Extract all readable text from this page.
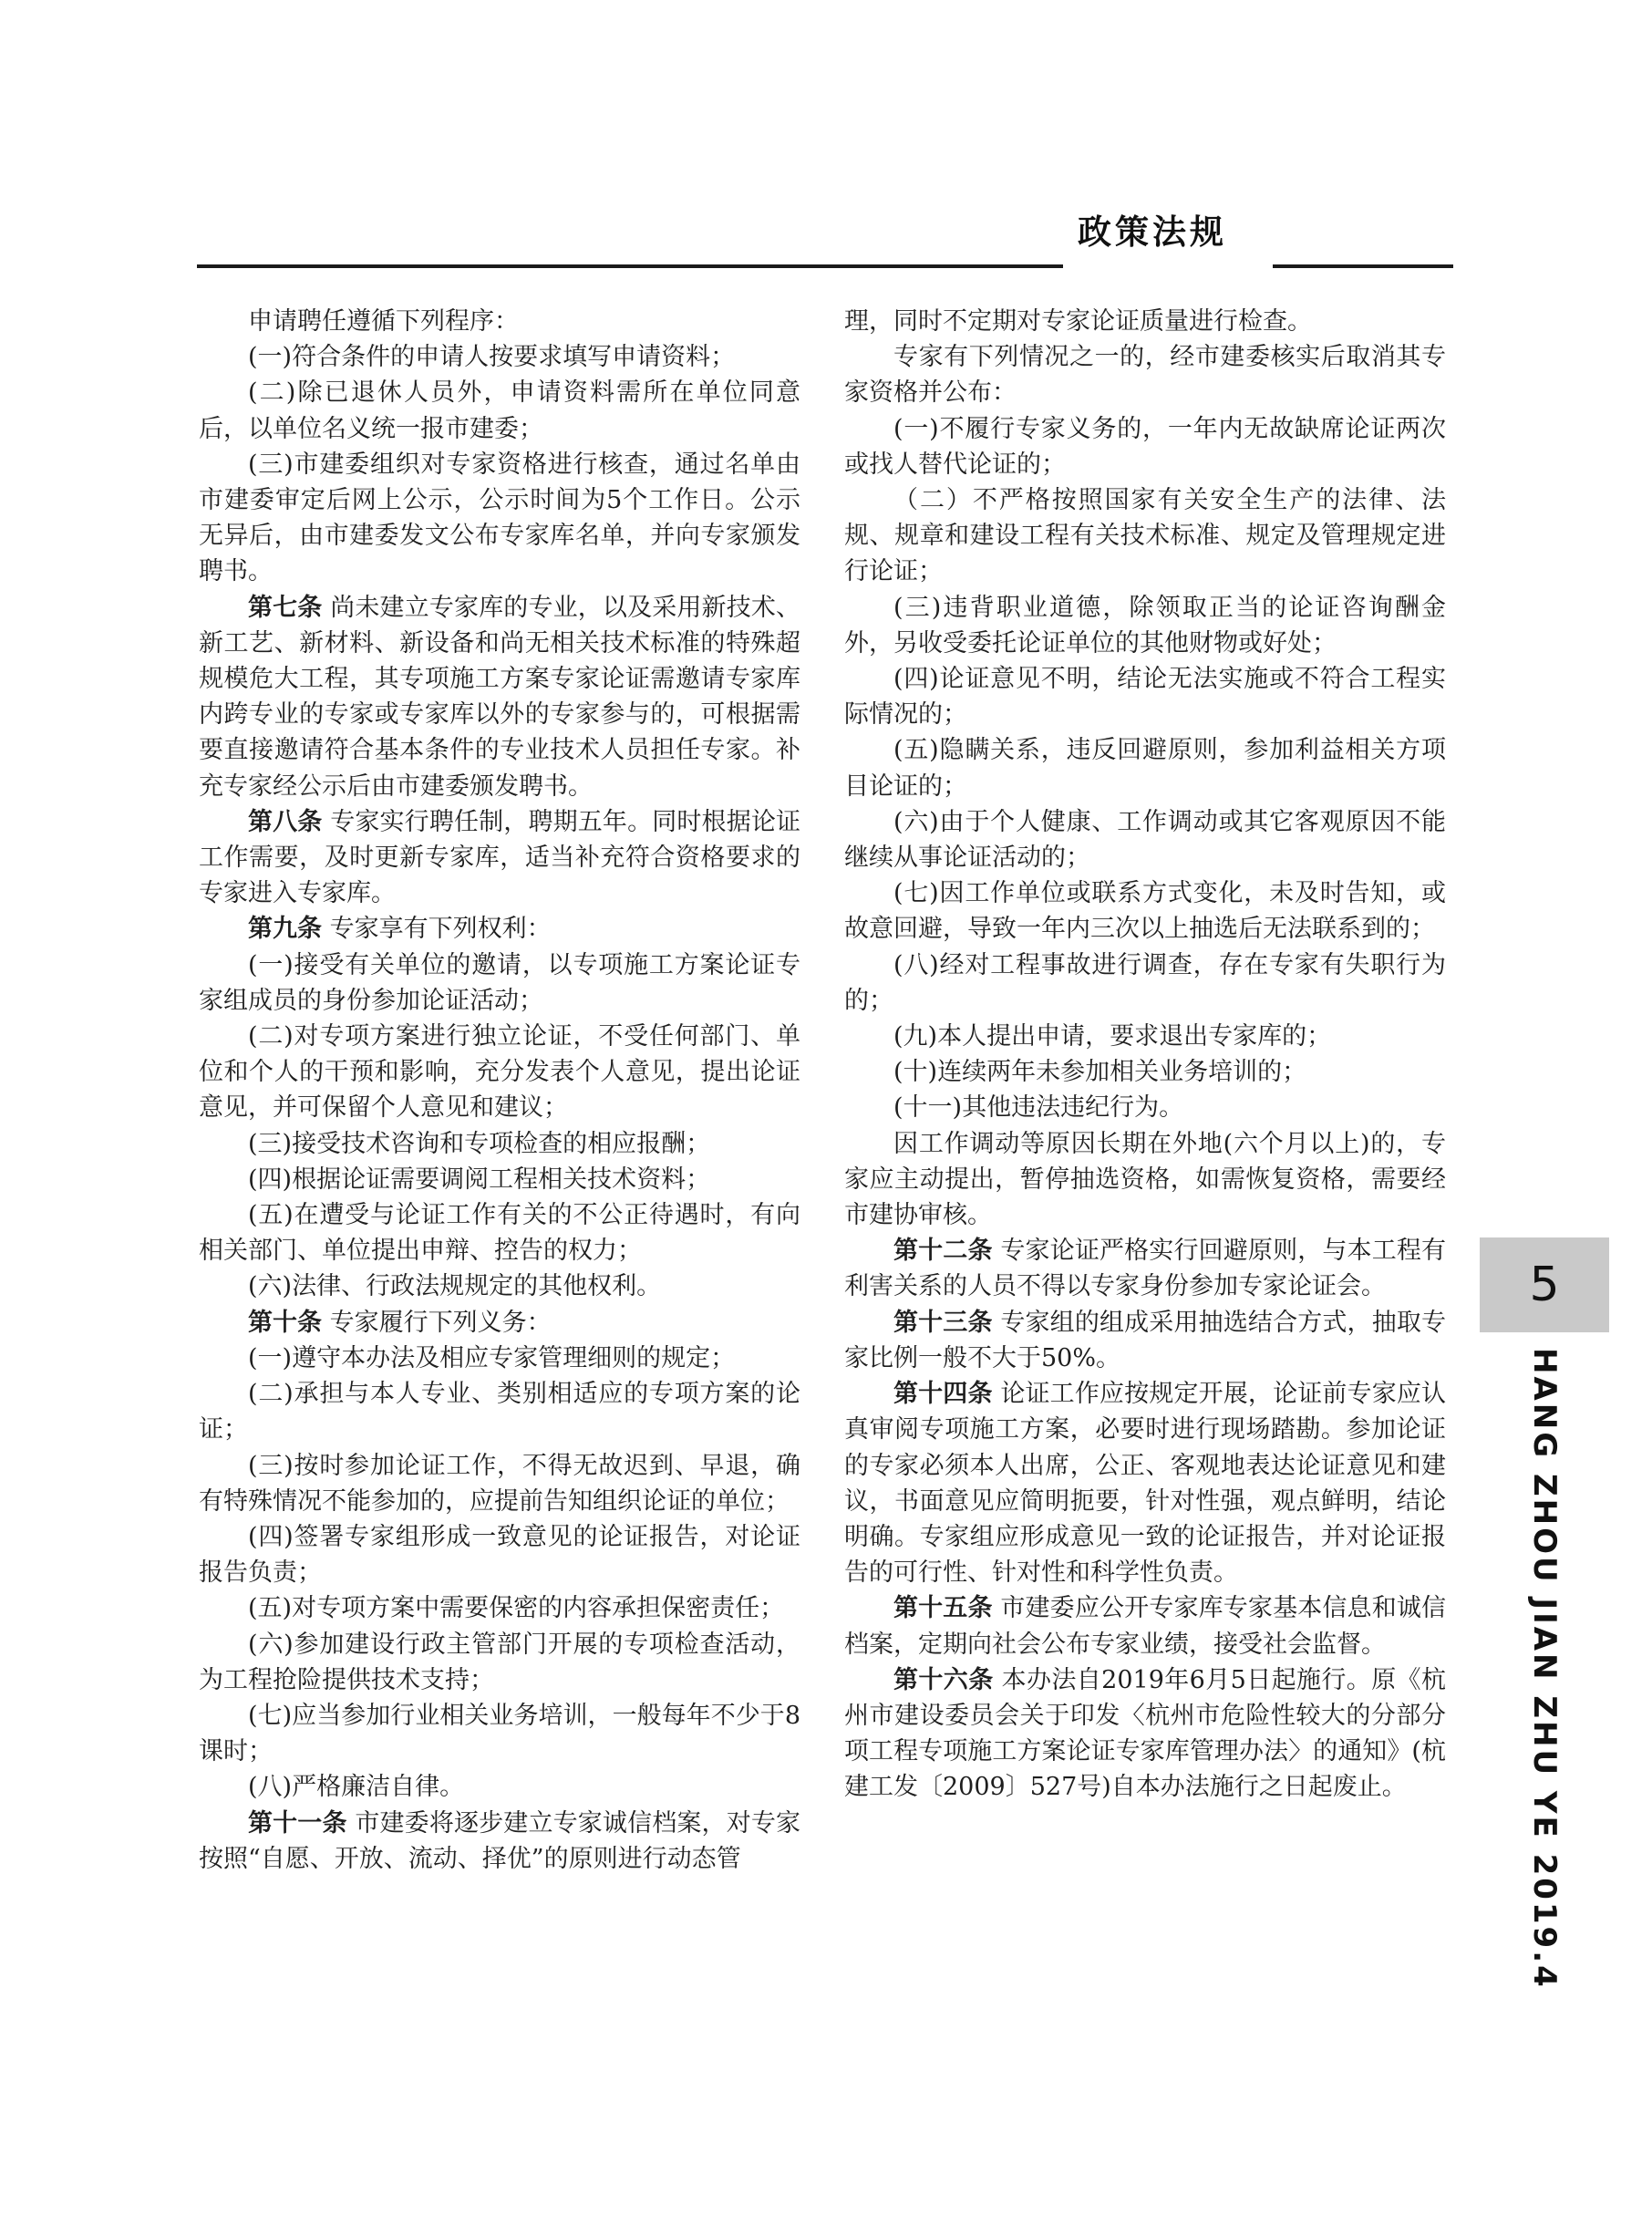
政策法规

申请聘任遵循下列程序：

(一)符合条件的申请人按要求填写申请资料；

(二)除已退休人员外，申请资料需所在单位同意后，以单位名义统一报市建委；

(三)市建委组织对专家资格进行核查，通过名单由市建委审定后网上公示，公示时间为5个工作日。公示无异后，由市建委发文公布专家库名单，并向专家颁发聘书。

第七条 尚未建立专家库的专业，以及采用新技术、新工艺、新材料、新设备和尚无相关技术标准的特殊超规模危大工程，其专项施工方案专家论证需邀请专家库内跨专业的专家或专家库以外的专家参与的，可根据需要直接邀请符合基本条件的专业技术人员担任专家。补充专家经公示后由市建委颁发聘书。

第八条 专家实行聘任制，聘期五年。同时根据论证工作需要，及时更新专家库，适当补充符合资格要求的专家进入专家库。

第九条 专家享有下列权利：

(一)接受有关单位的邀请，以专项施工方案论证专家组成员的身份参加论证活动；

(二)对专项方案进行独立论证，不受任何部门、单位和个人的干预和影响，充分发表个人意见，提出论证意见，并可保留个人意见和建议；

(三)接受技术咨询和专项检查的相应报酬；

(四)根据论证需要调阅工程相关技术资料；

(五)在遭受与论证工作有关的不公正待遇时，有向相关部门、单位提出申辩、控告的权力；

(六)法律、行政法规规定的其他权利。

第十条 专家履行下列义务：

(一)遵守本办法及相应专家管理细则的规定；

(二)承担与本人专业、类别相适应的专项方案的论证；

(三)按时参加论证工作，不得无故迟到、早退，确有特殊情况不能参加的，应提前告知组织论证的单位；

(四)签署专家组形成一致意见的论证报告，对论证报告负责；

(五)对专项方案中需要保密的内容承担保密责任；

(六)参加建设行政主管部门开展的专项检查活动，为工程抢险提供技术支持；

(七)应当参加行业相关业务培训，一般每年不少于8课时；

(八)严格廉洁自律。

第十一条 市建委将逐步建立专家诚信档案，对专家按照“自愿、开放、流动、择优”的原则进行动态管

理，同时不定期对专家论证质量进行检查。

专家有下列情况之一的，经市建委核实后取消其专家资格并公布：

(一)不履行专家义务的，一年内无故缺席论证两次或找人替代论证的；

（二）不严格按照国家有关安全生产的法律、法规、规章和建设工程有关技术标准、规定及管理规定进行论证；

(三)违背职业道德，除领取正当的论证咨询酬金外，另收受委托论证单位的其他财物或好处；

(四)论证意见不明，结论无法实施或不符合工程实际情况的；

(五)隐瞒关系，违反回避原则，参加利益相关方项目论证的；

(六)由于个人健康、工作调动或其它客观原因不能继续从事论证活动的；

(七)因工作单位或联系方式变化，未及时告知，或故意回避，导致一年内三次以上抽选后无法联系到的；

(八)经对工程事故进行调查，存在专家有失职行为的；

(九)本人提出申请，要求退出专家库的；

(十)连续两年未参加相关业务培训的；

(十一)其他违法违纪行为。

因工作调动等原因长期在外地(六个月以上)的，专家应主动提出，暂停抽选资格，如需恢复资格，需要经市建协审核。

第十二条 专家论证严格实行回避原则，与本工程有利害关系的人员不得以专家身份参加专家论证会。

第十三条 专家组的组成采用抽选结合方式，抽取专家比例一般不大于50%。

第十四条 论证工作应按规定开展，论证前专家应认真审阅专项施工方案，必要时进行现场踏勘。参加论证的专家必须本人出席，公正、客观地表达论证意见和建议，书面意见应简明扼要，针对性强，观点鲜明，结论明确。专家组应形成意见一致的论证报告，并对论证报告的可行性、针对性和科学性负责。

第十五条 市建委应公开专家库专家基本信息和诚信档案，定期向社会公布专家业绩，接受社会监督。

第十六条 本办法自2019年6月5日起施行。原《杭州市建设委员会关于印发〈杭州市危险性较大的分部分项工程专项施工方案论证专家库管理办法〉的通知》(杭建工发〔2009〕527号)自本办法施行之日起废止。

5
HANG ZHOU JIAN ZHU YE 2019.4
